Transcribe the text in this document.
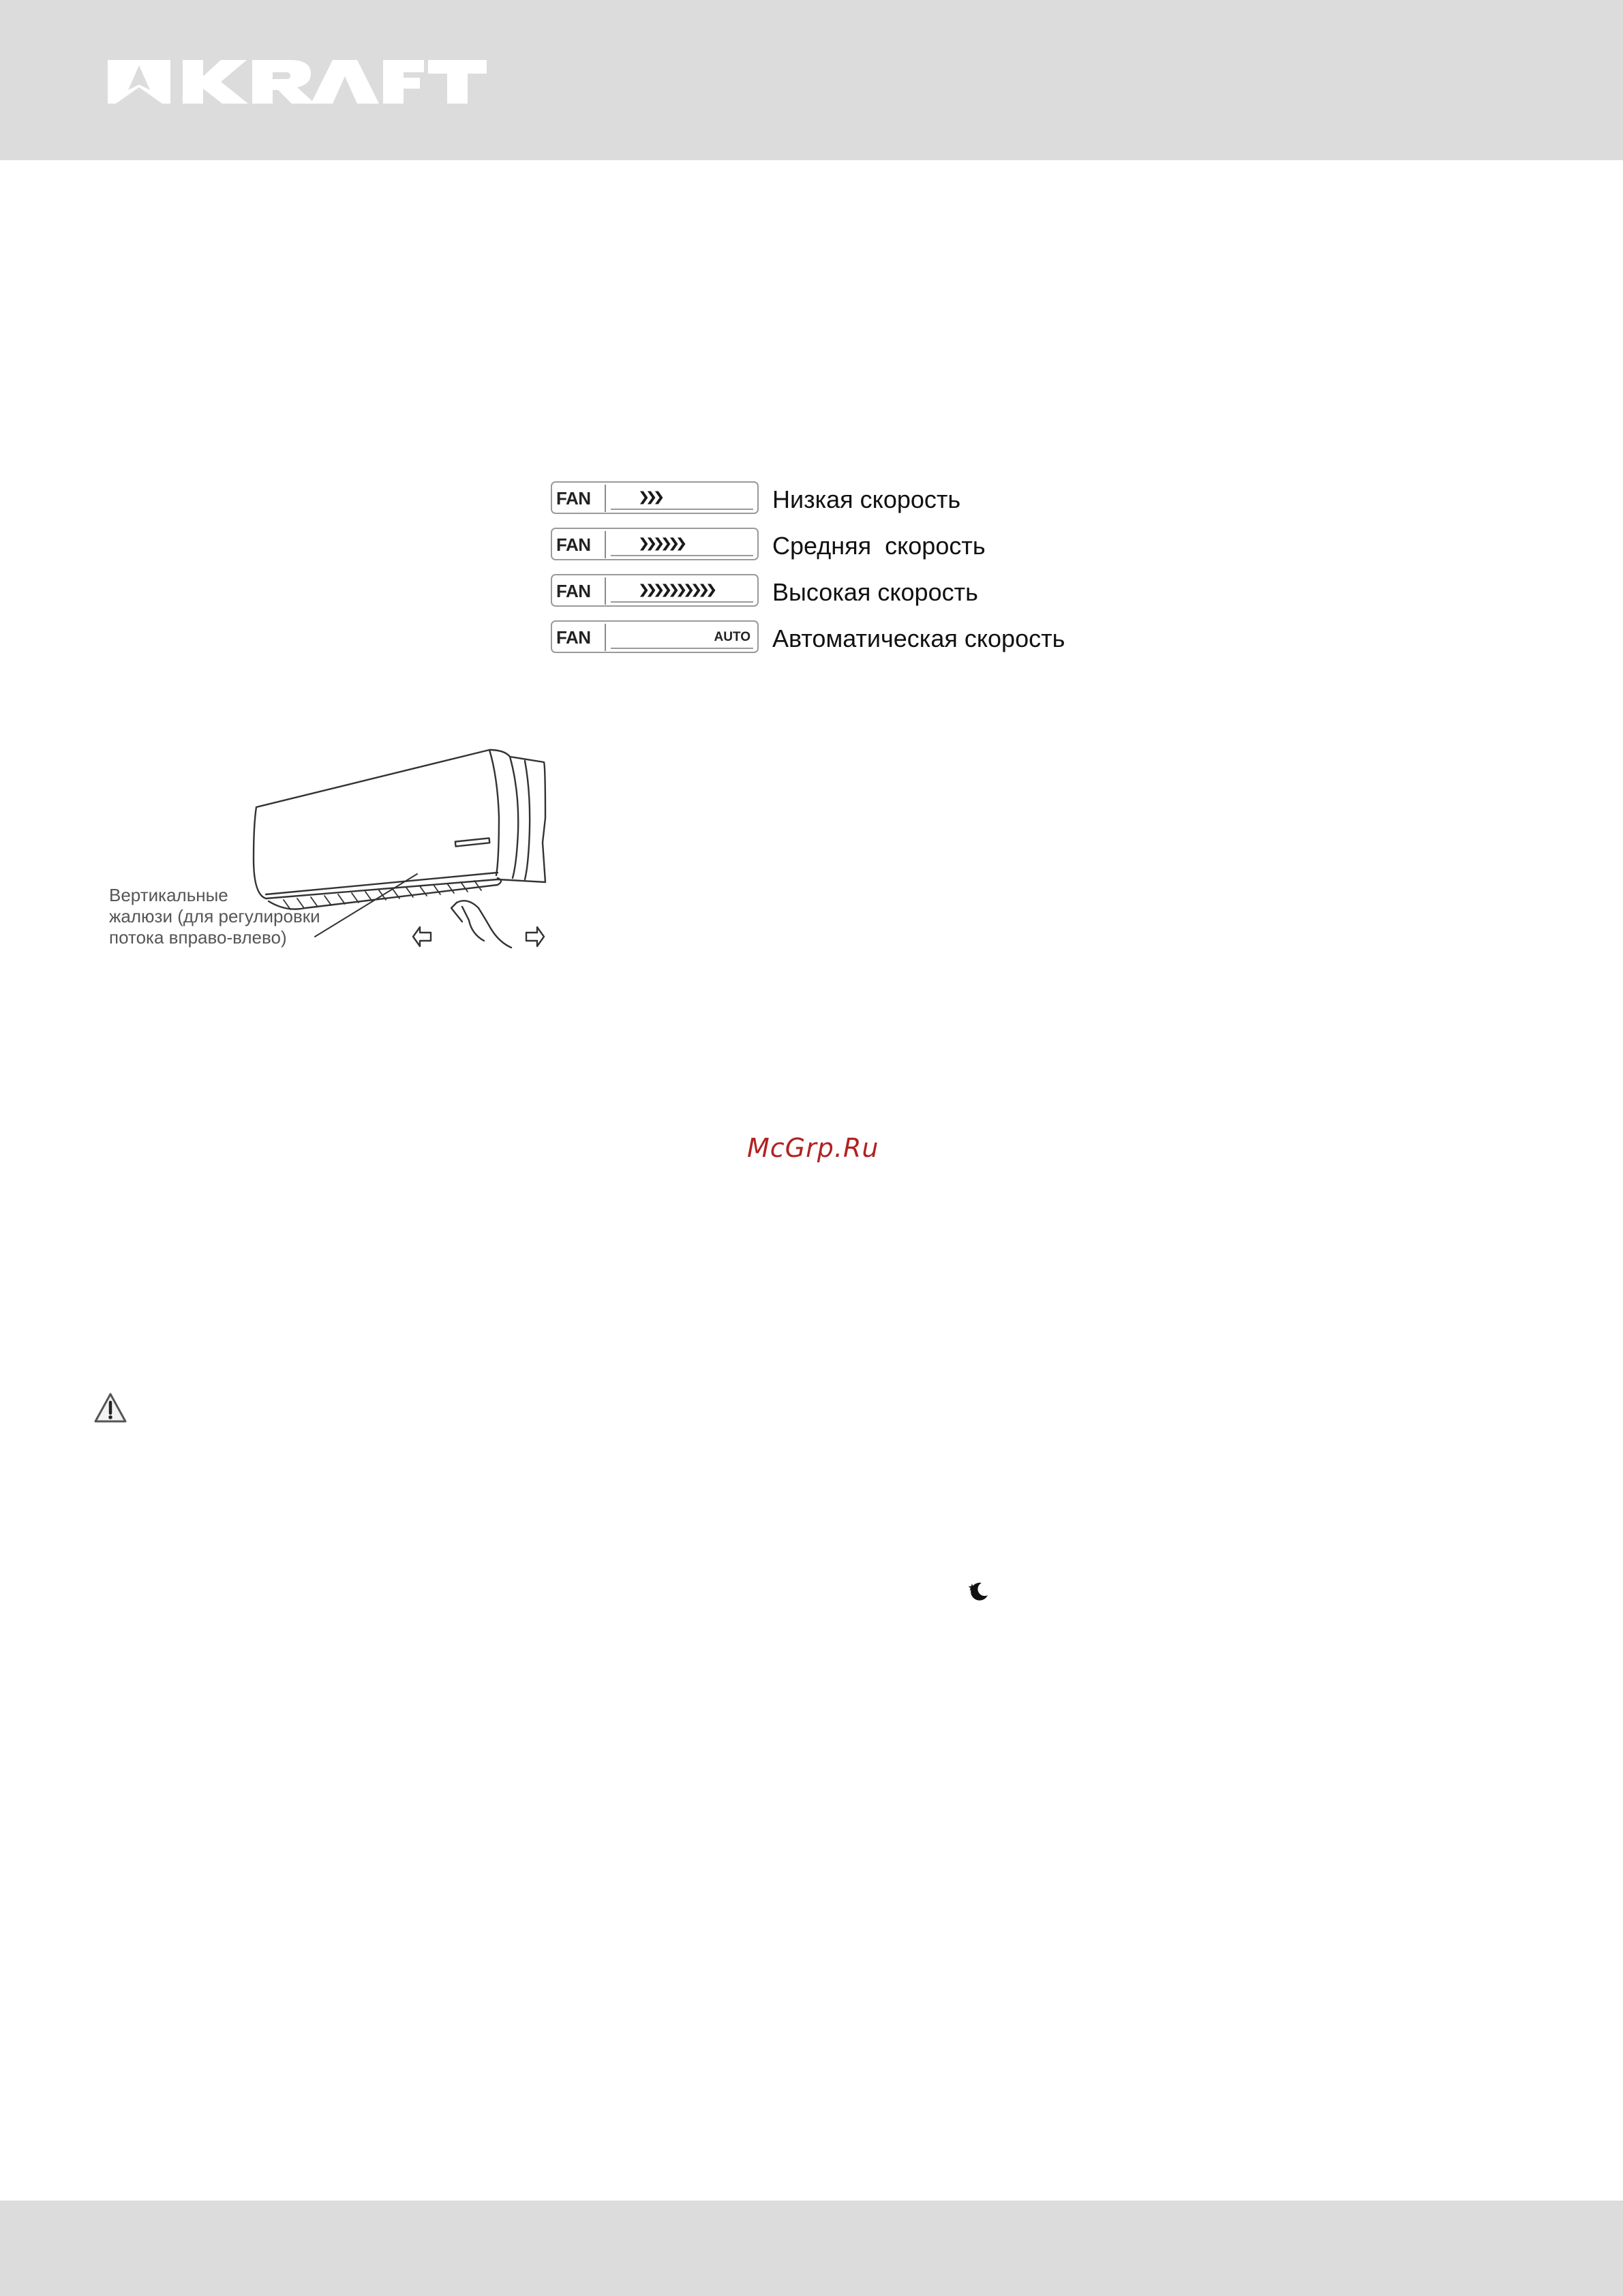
FAN	Низкая скорость
FAN	Средняя  скорость
FAN	Высокая скорость
FAN	AUTO Автоматическая скорость
Вертикальные
жалюзи (для регулировки
потока вправо-влево)
McGrp.Ru
